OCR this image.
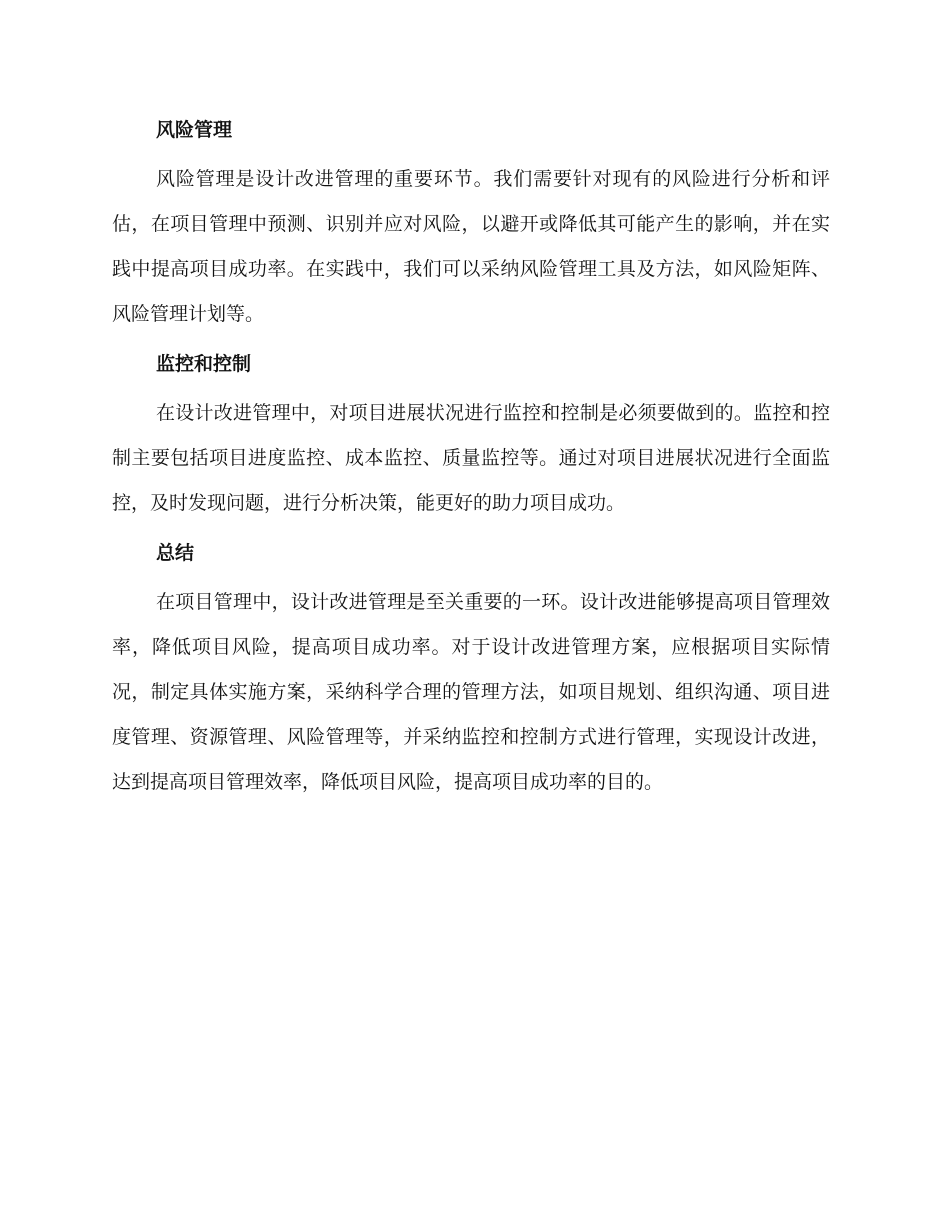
风险管理

风险管理是设计改进管理的重要环节。我们需要针对现有的风险进行分析和评估，在项目管理中预测、识别并应对风险，以避开或降低其可能产生的影响，并在实践中提高项目成功率。在实践中，我们可以采纳风险管理工具及方法，如风险矩阵、风险管理计划等。

监控和控制

在设计改进管理中，对项目进展状况进行监控和控制是必须要做到的。监控和控制主要包括项目进度监控、成本监控、质量监控等。通过对项目进展状况进行全面监控，及时发现问题，进行分析决策，能更好的助力项目成功。

总结

在项目管理中，设计改进管理是至关重要的一环。设计改进能够提高项目管理效率，降低项目风险，提高项目成功率。对于设计改进管理方案，应根据项目实际情况，制定具体实施方案，采纳科学合理的管理方法，如项目规划、组织沟通、项目进度管理、资源管理、风险管理等，并采纳监控和控制方式进行管理，实现设计改进，达到提高项目管理效率，降低项目风险，提高项目成功率的目的。
